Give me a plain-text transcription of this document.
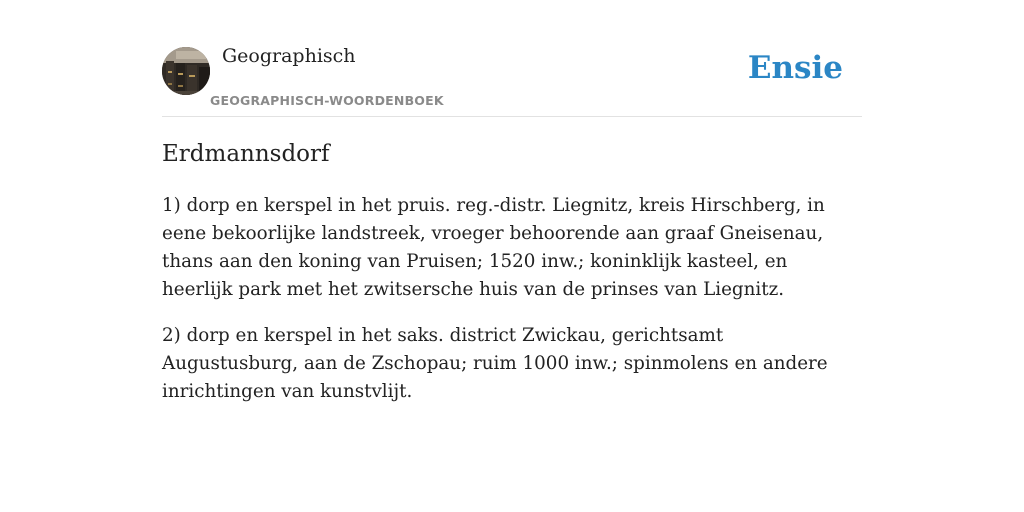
Geographisch
GEOGRAPHISCH-WOORDENBOEK
Ensie
Erdmannsdorf

1) dorp en kerspel in het pruis. reg.-distr. Liegnitz, kreis Hirschberg, in eene bekoorlijke landstreek, vroeger behoorende aan graaf Gneisenau, thans aan den koning van Pruisen; 1520 inw.; koninklijk kasteel, en heerlijk park met het zwitsersche huis van de prinses van Liegnitz.

2) dorp en kerspel in het saks. district Zwickau, gerichtsamt Augustusburg, aan de Zschopau; ruim 1000 inw.; spinmolens en andere inrichtingen van kunstvlijt.
